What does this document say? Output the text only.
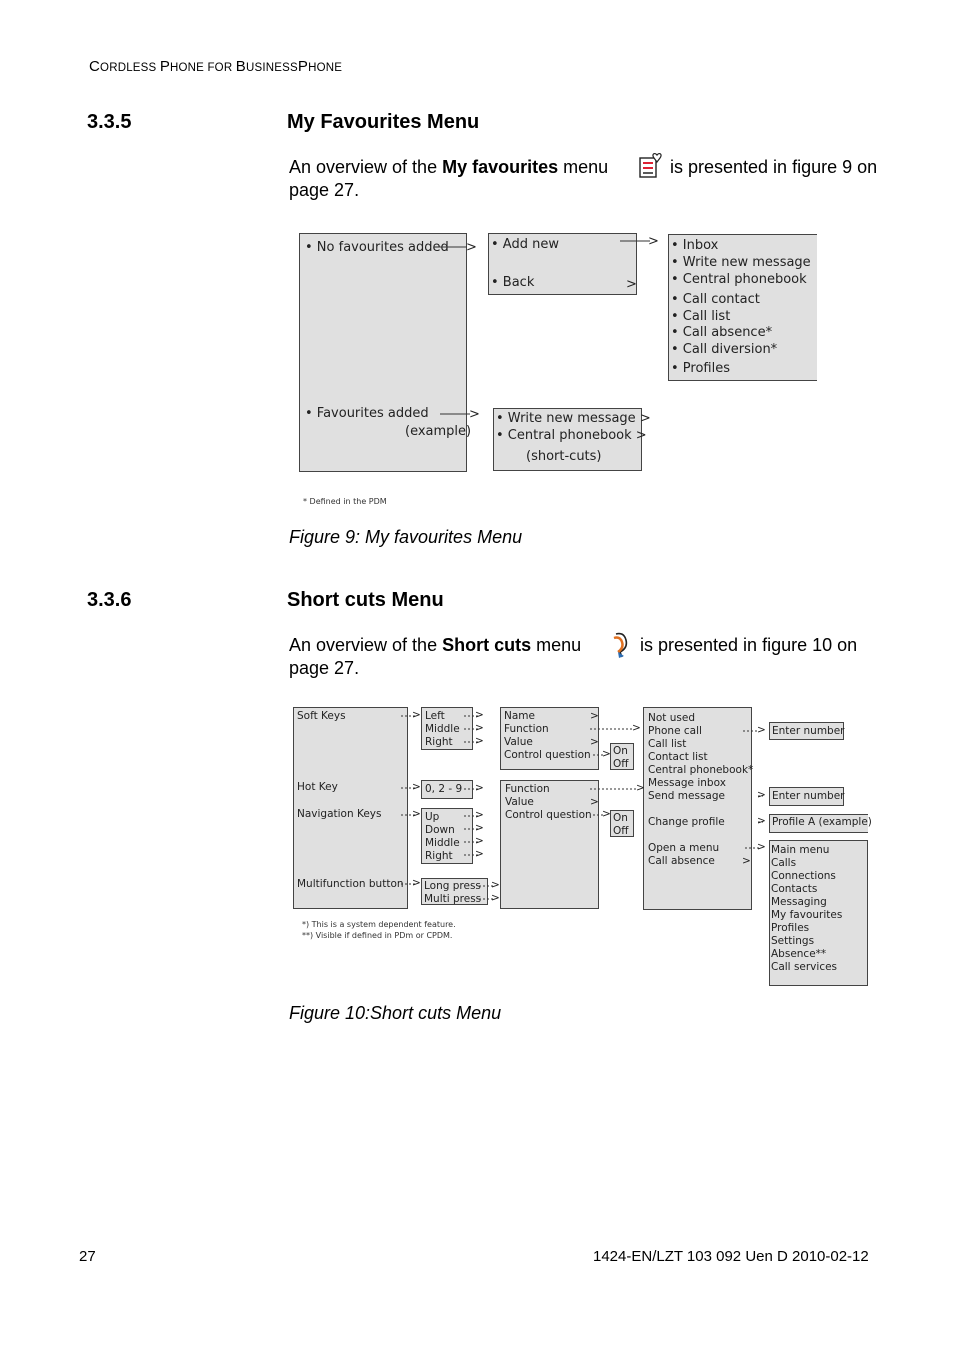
CORDLESS PHONE FOR BUSINESSPHONE
3.3.5	My Favourites Menu
An overview of the My favourites menu	is presented in figure 9 on
page 27.
• No favourites added
• Favourites added
(example)
• Add new
• Back	>
• Inbox
• Write new message
• Central phonebook
• Call contact
• Call list
• Call absence*
• Call diversion*
• Profiles
• Write new message >
• Central phonebook >
(short-cuts)
>	>
>
* Defined in the PDM
Figure 9: My favourites Menu
3.3.6	Short cuts Menu
An overview of the Short cuts menu	is presented in figure 10 on
page 27.
Soft Keys
Hot Key
Navigation Keys
Multifunction button
Left
Middle
Right
0, 2 - 9
Up
Down
Middle
Right
Long press
Multi press
Name
Function
Value
Control question
>
>
On
Off
Function
Value
Control question
>
On
Off
Not used
Phone call
Call list
Contact list
Central phonebook*
Message inbox
Send message
Change profile
Open a menu
Call absence	>
Enter number
Enter number
Profile A (example)
Main menu
Calls
Connections
Contacts
Messaging
My favourites
Profiles
Settings
Absence**
Call services
>
>
>
>
>
>
>
>
>
>
>
>
>
>
>
>
>
>
>
>
>
>
*) This is a system dependent feature.
**) Visible if defined in PDm or CPDM.
Figure 10:Short cuts Menu
27	1424-EN/LZT 103 092 Uen D 2010-02-12
